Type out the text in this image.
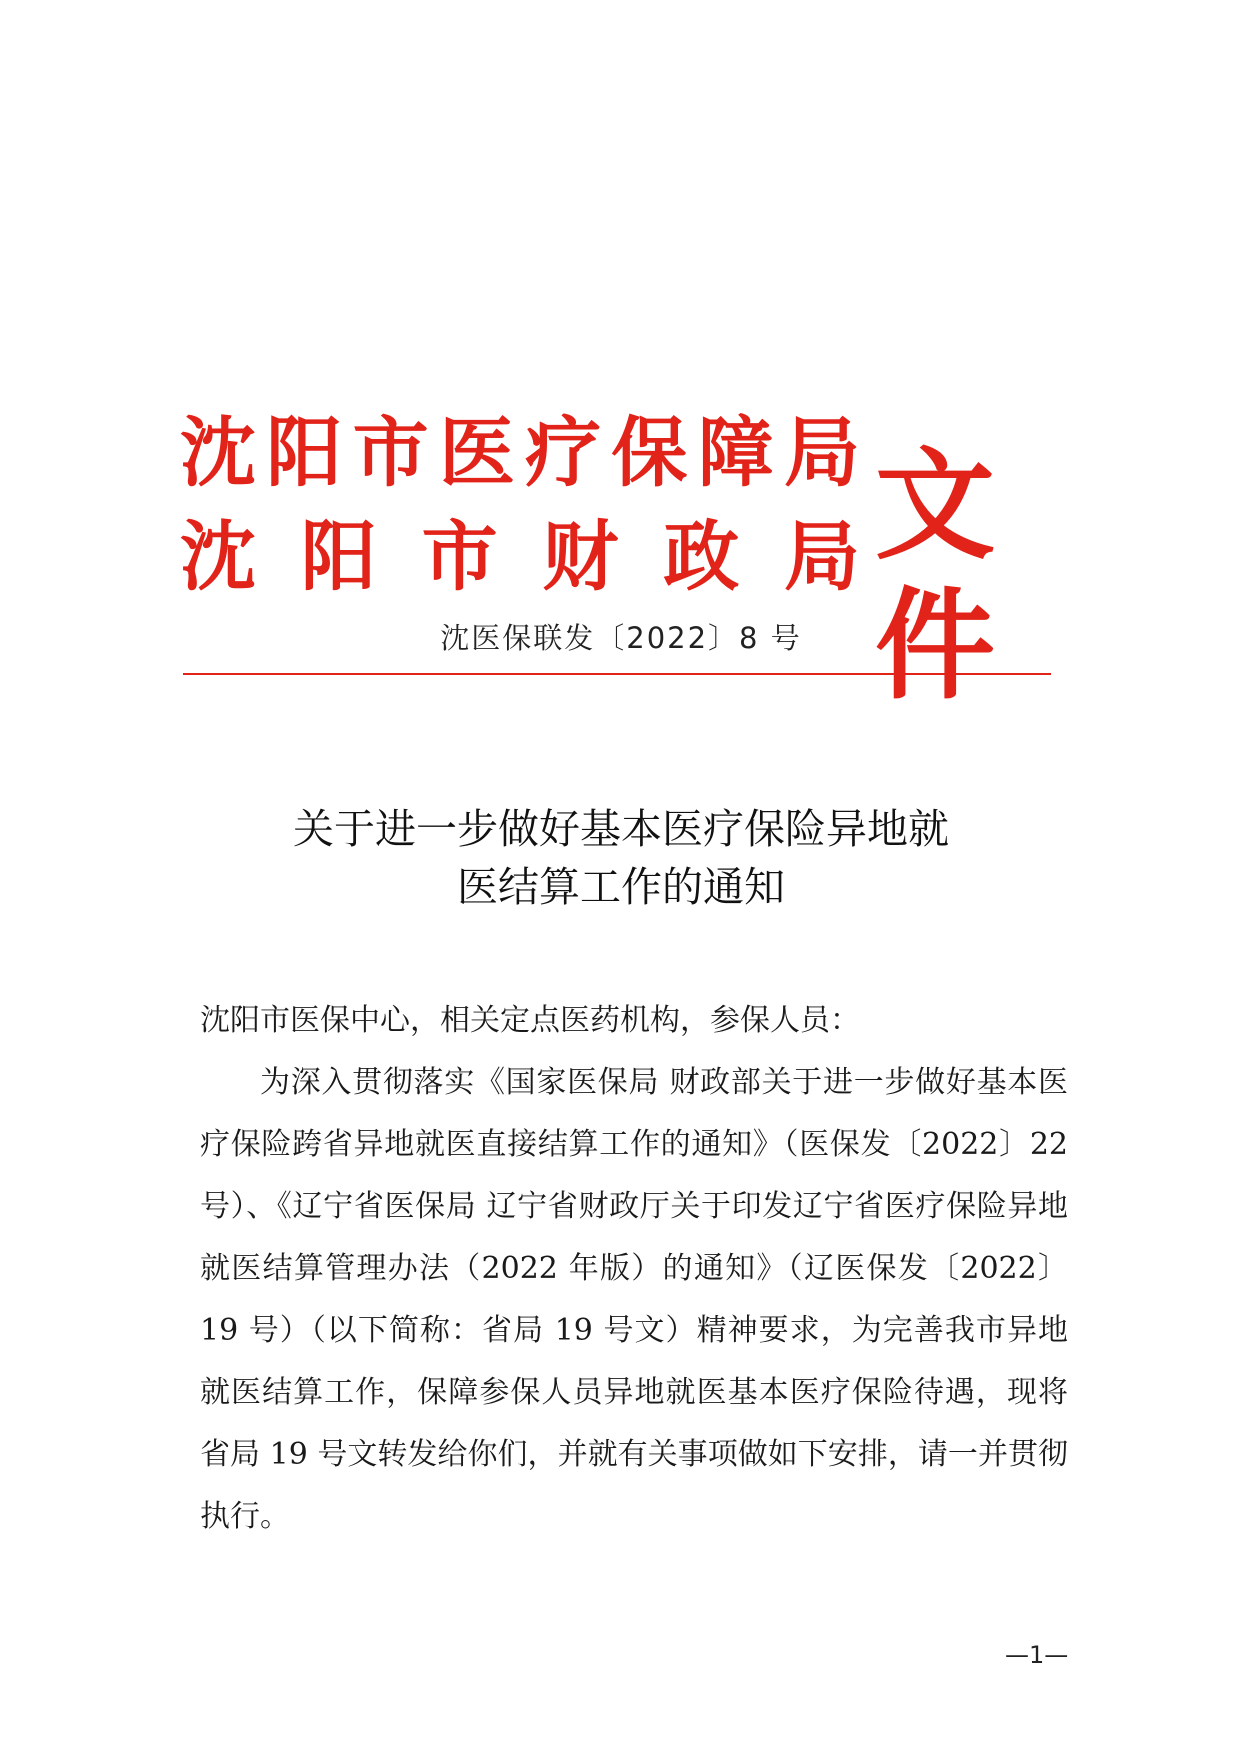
沈 阳 市 医 疗 保 障 局
沈 阳 市 财 政 局 文件
沈医保联发〔2022〕8 号
关于进一步做好基本医疗保险异地就
医结算工作的通知

沈阳市医保中心，相关定点医药机构，参保人员：

为深入贯彻落实《国家医保局 财政部关于进一步做好基本医疗保险跨省异地就医直接结算工作的通知》（医保发〔2022〕22 号）、《辽宁省医保局 辽宁省财政厅关于印发辽宁省医疗保险异地就医结算管理办法（2022 年版）的通知》（辽医保发〔2022〕19 号）（以下简称：省局 19 号文）精神要求，为完善我市异地就医结算工作，保障参保人员异地就医基本医疗保险待遇，现将省局 19 号文转发给你们，并就有关事项做如下安排，请一并贯彻执行。

—1—
